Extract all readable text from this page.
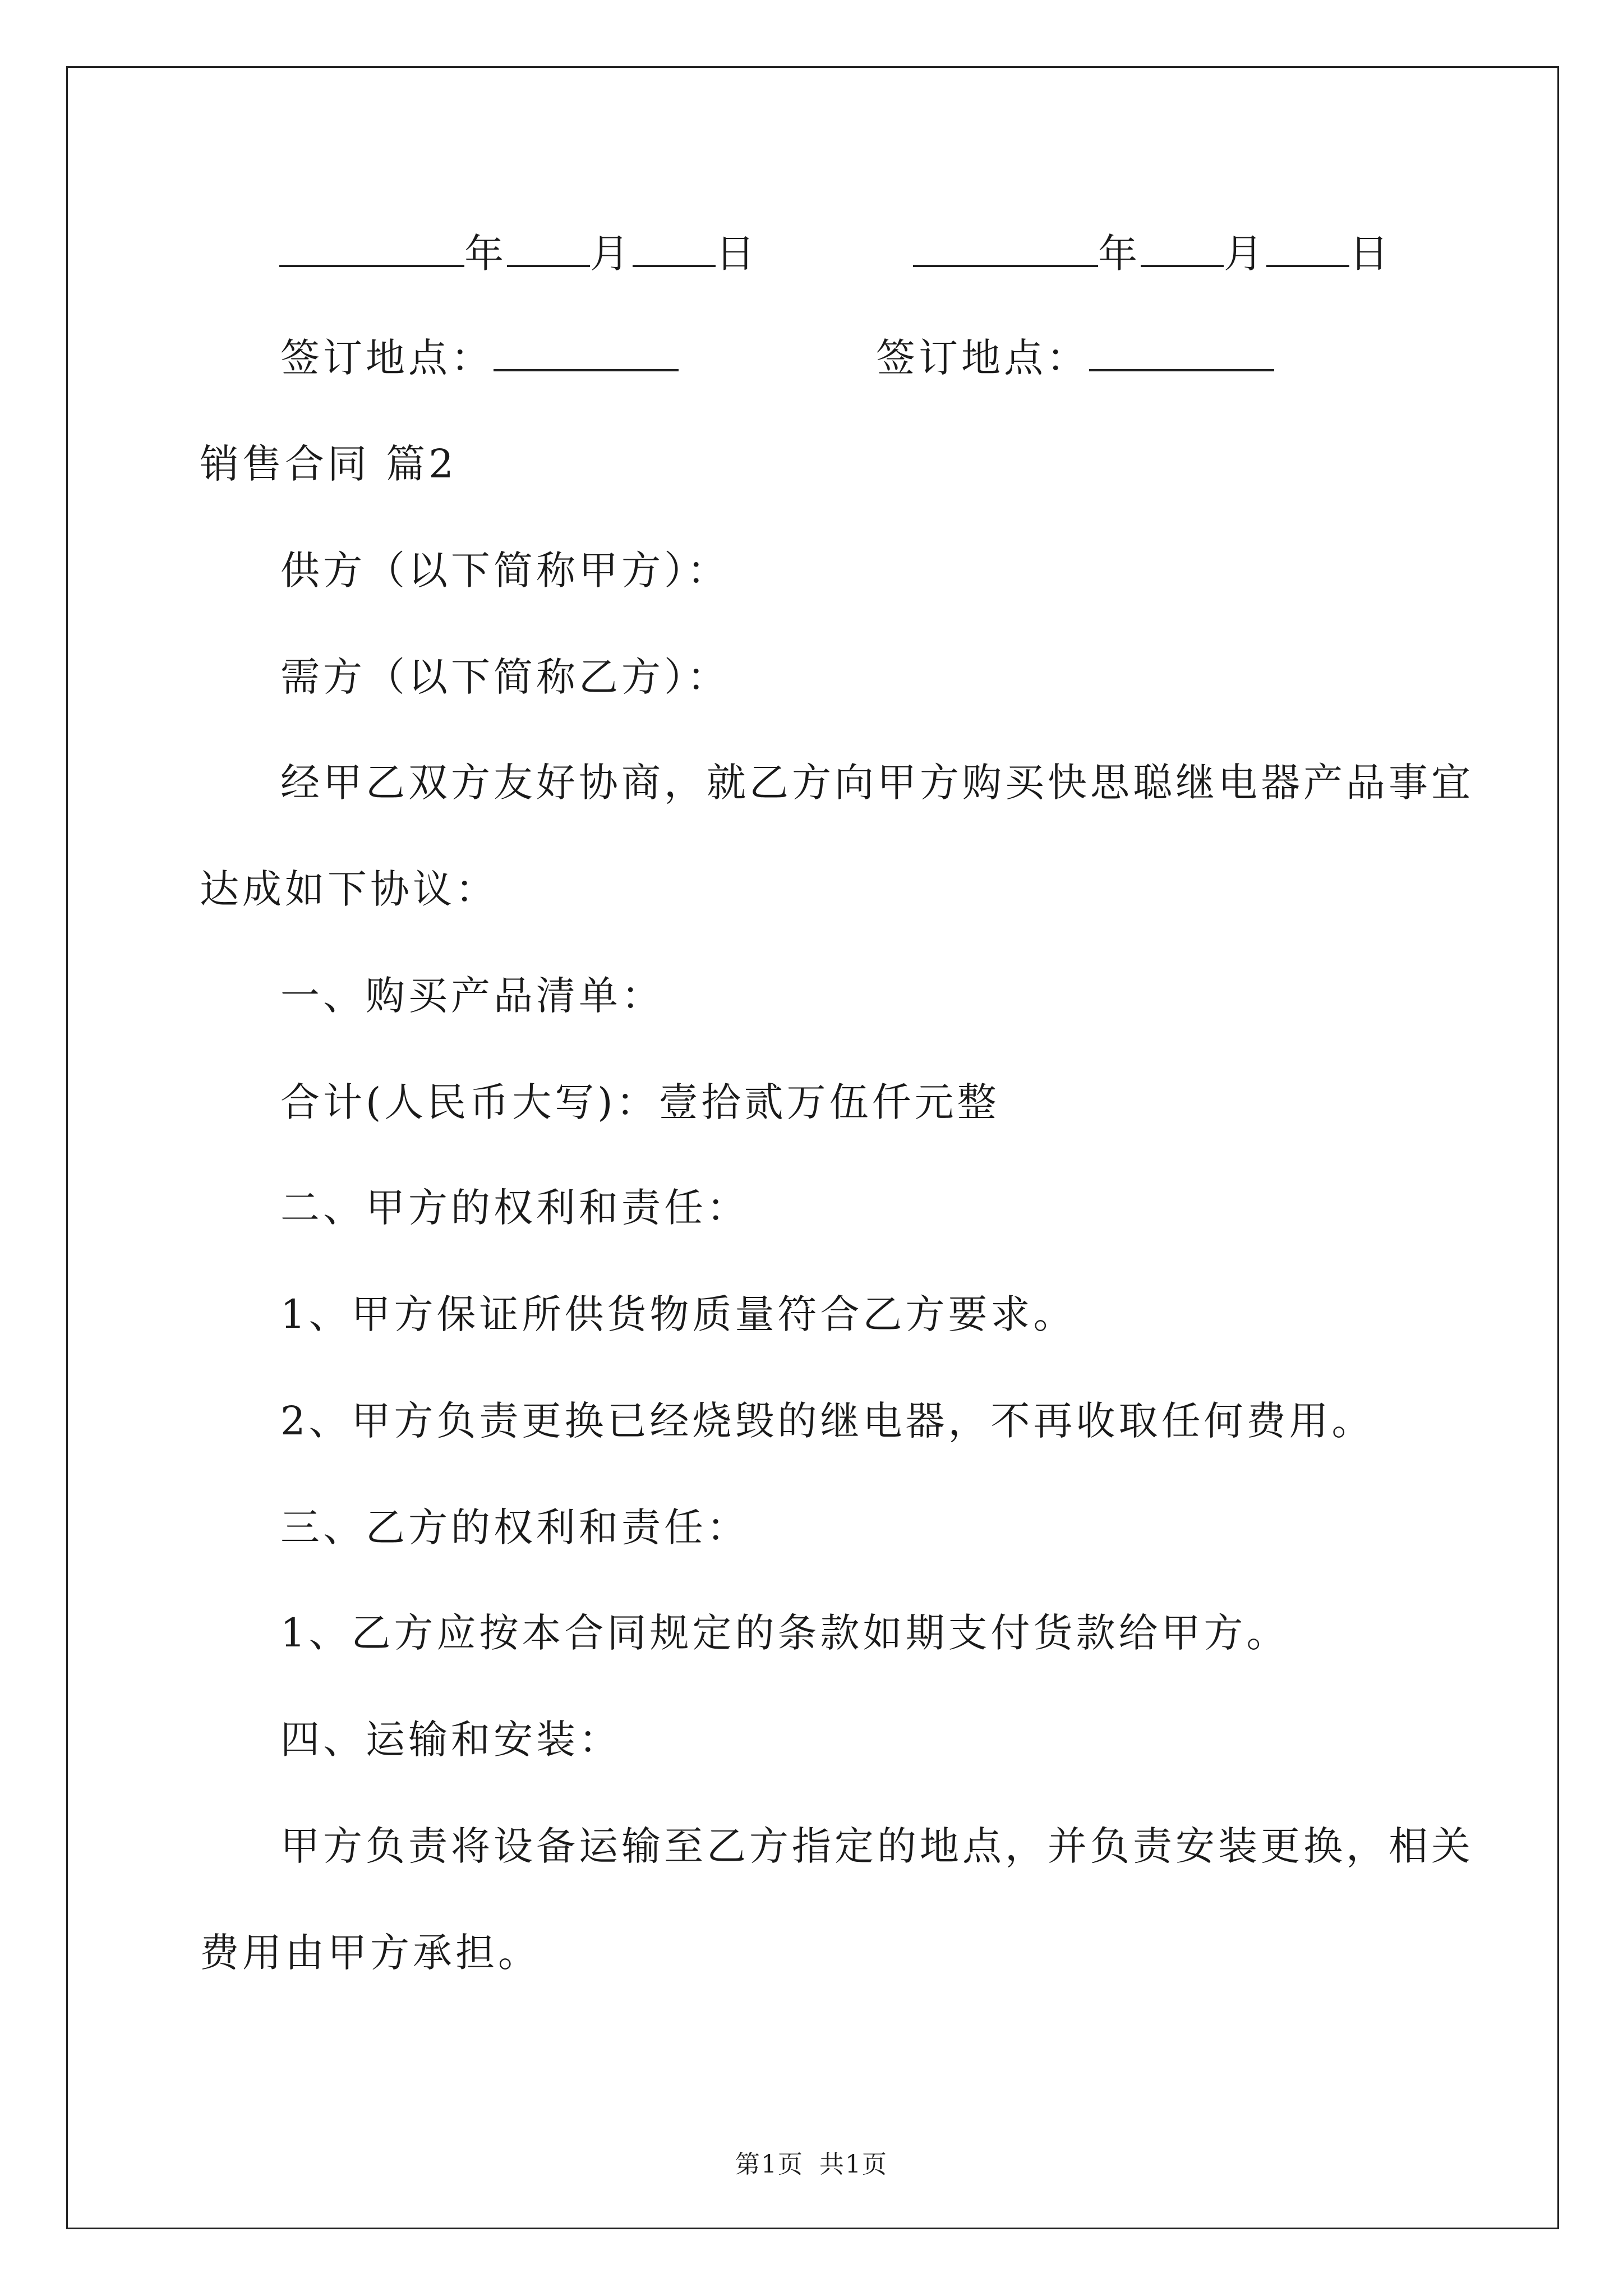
年 月 日	年 月 日
签订地点：	签订地点：
销售合同 篇2
供方（以下简称甲方）：
需方（以下简称乙方）：
经甲乙双方友好协商，就乙方向甲方购买快思聪继电器产品事宜
达成如下协议：
一、购买产品清单：
合计(人民币大写)：壹拾贰万伍仟元整
二、甲方的权利和责任：
1、甲方保证所供货物质量符合乙方要求。
2、甲方负责更换已经烧毁的继电器，不再收取任何费用。
三、乙方的权利和责任：
1、乙方应按本合同规定的条款如期支付货款给甲方。
四、运输和安装：
甲方负责将设备运输至乙方指定的地点，并负责安装更换，相关
费用由甲方承担。
第1页 共1页
